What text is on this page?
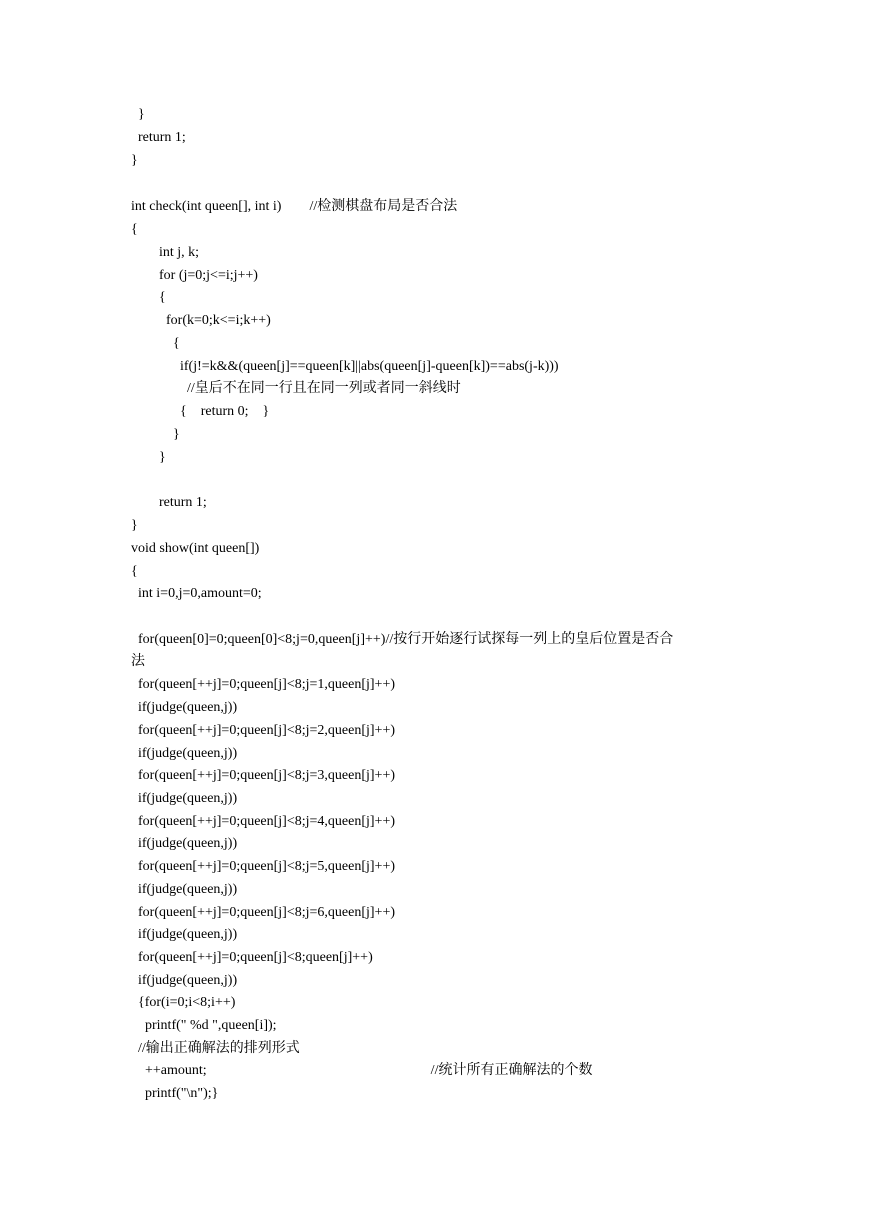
}
return 1;
}
int check(int queen[], int i)        //检测棋盘布局是否合法
{
int j, k;
for (j=0;j<=i;j++)
{
for(k=0;k<=i;k++)
{
if(j!=k&&(queen[j]==queen[k]||abs(queen[j]-queen[k])==abs(j-k)))
//皇后不在同一行且在同一列或者同一斜线时
{    return 0;    }
}
}
return 1;
}
void show(int queen[])
{
int i=0,j=0,amount=0;
for(queen[0]=0;queen[0]<8;j=0,queen[j]++)//按行开始逐行试探每一列上的皇后位置是否合
法
for(queen[++j]=0;queen[j]<8;j=1,queen[j]++)
if(judge(queen,j))
for(queen[++j]=0;queen[j]<8;j=2,queen[j]++)
if(judge(queen,j))
for(queen[++j]=0;queen[j]<8;j=3,queen[j]++)
if(judge(queen,j))
for(queen[++j]=0;queen[j]<8;j=4,queen[j]++)
if(judge(queen,j))
for(queen[++j]=0;queen[j]<8;j=5,queen[j]++)
if(judge(queen,j))
for(queen[++j]=0;queen[j]<8;j=6,queen[j]++)
if(judge(queen,j))
for(queen[++j]=0;queen[j]<8;queen[j]++)
if(judge(queen,j))
{for(i=0;i<8;i++)
printf(" %d ",queen[i]);
//输出正确解法的排列形式
++amount;                                                                //统计所有正确解法的个数
printf("\n");}
